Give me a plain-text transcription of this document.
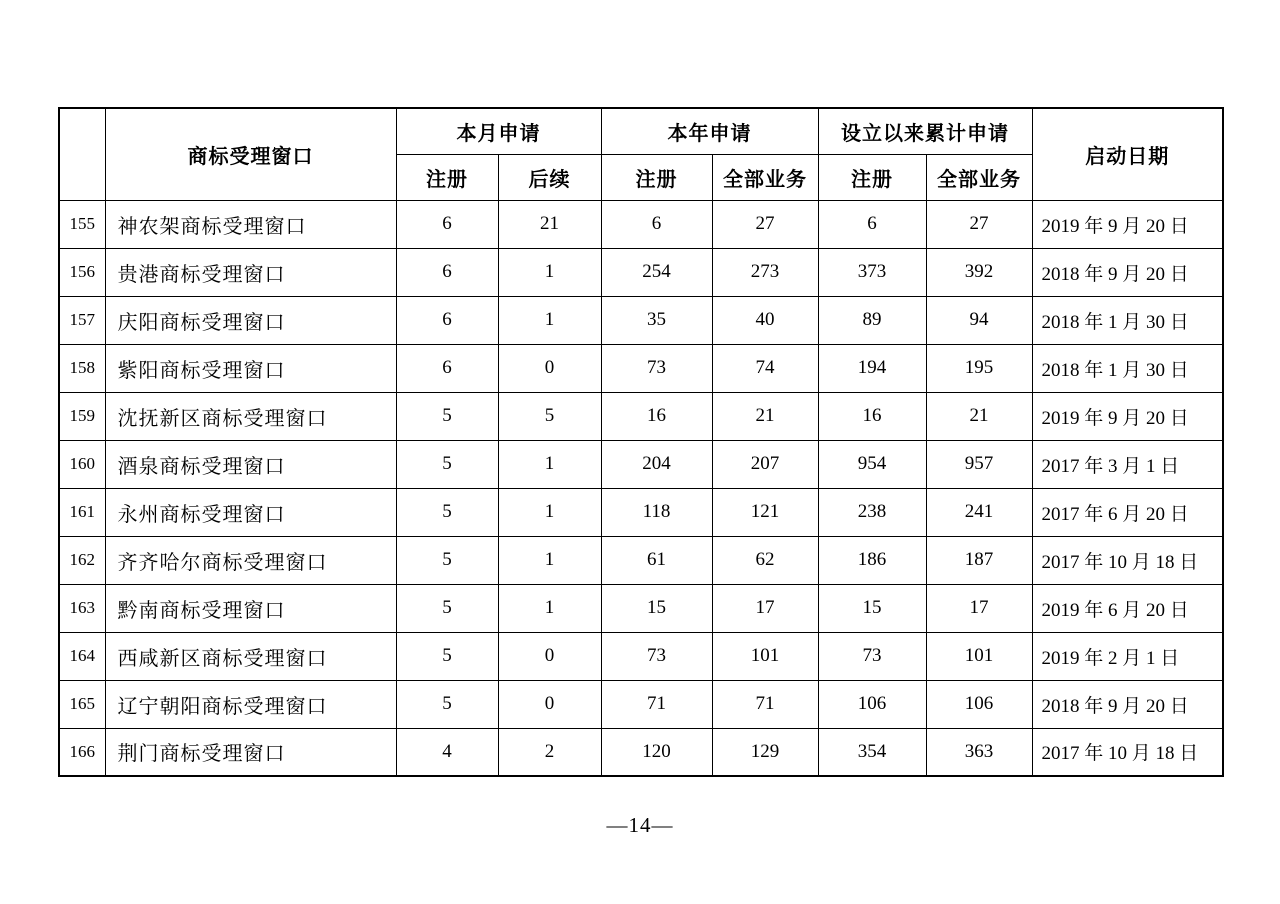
	商标受理窗口	本月申请		本年申请		设立以来累计申请		启动日期
		注册	后续	注册	全部业务	注册	全部业务	
155	神农架商标受理窗口	6	21	6	27	6	27	2019 年 9 月 20 日
156	贵港商标受理窗口	6	1	254	273	373	392	2018 年 9 月 20 日
157	庆阳商标受理窗口	6	1	35	40	89	94	2018 年 1 月 30 日
158	紫阳商标受理窗口	6	0	73	74	194	195	2018 年 1 月 30 日
159	沈抚新区商标受理窗口	5	5	16	21	16	21	2019 年 9 月 20 日
160	酒泉商标受理窗口	5	1	204	207	954	957	2017 年 3 月 1 日
161	永州商标受理窗口	5	1	118	121	238	241	2017 年 6 月 20 日
162	齐齐哈尔商标受理窗口	5	1	61	62	186	187	2017 年 10 月 18 日
163	黔南商标受理窗口	5	1	15	17	15	17	2019 年 6 月 20 日
164	西咸新区商标受理窗口	5	0	73	101	73	101	2019 年 2 月 1 日
165	辽宁朝阳商标受理窗口	5	0	71	71	106	106	2018 年 9 月 20 日
166	荆门商标受理窗口	4	2	120	129	354	363	2017 年 10 月 18 日
—14—
